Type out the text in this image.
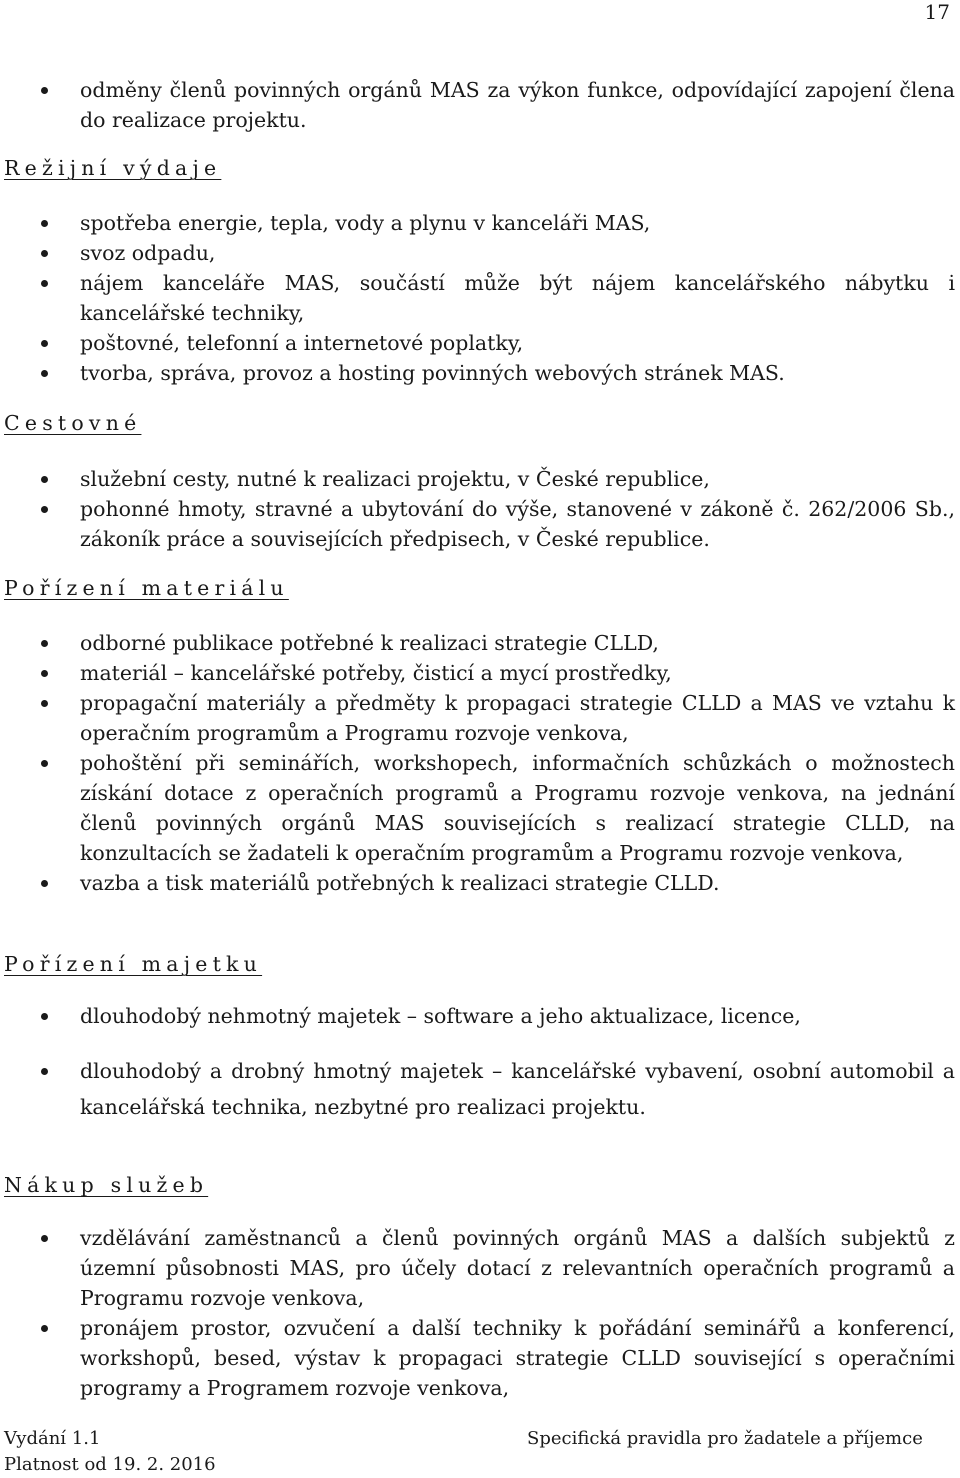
17
odměny členů povinných orgánů MAS za výkon funkce, odpovídající zapojení člena do realizace projektu.
Režijní výdaje
spotřeba energie, tepla, vody a plynu v kanceláři MAS,
svoz odpadu,
nájem kanceláře MAS, součástí může být nájem kancelářského nábytku i kancelářské techniky,
poštovné, telefonní a internetové poplatky,
tvorba, správa, provoz a hosting povinných webových stránek MAS.
Cestovné
služební cesty, nutné k realizaci projektu, v České republice,
pohonné hmoty, stravné a ubytování do výše, stanovené v zákoně č. 262/2006 Sb., zákoník práce a souvisejících předpisech, v České republice.
Pořízení materiálu
odborné publikace potřebné k realizaci strategie CLLD,
materiál – kancelářské potřeby, čisticí a mycí prostředky,
propagační materiály a předměty k propagaci strategie CLLD a MAS ve vztahu k operačním programům a Programu rozvoje venkova,
pohoštění při seminářích, workshopech, informačních schůzkách o možnostech získání dotace z operačních programů a Programu rozvoje venkova, na jednání členů povinných orgánů MAS souvisejících s realizací strategie CLLD, na konzultacích se žadateli k operačním programům a Programu rozvoje venkova,
vazba a tisk materiálů potřebných k realizaci strategie CLLD.
Pořízení majetku
dlouhodobý nehmotný majetek – software a jeho aktualizace, licence,
dlouhodobý a drobný hmotný majetek – kancelářské vybavení, osobní automobil a kancelářská technika, nezbytné pro realizaci projektu.
Nákup služeb
vzdělávání zaměstnanců a členů povinných orgánů MAS a dalších subjektů z územní působnosti MAS, pro účely dotací z relevantních operačních programů a Programu rozvoje venkova,
pronájem prostor, ozvučení a další techniky k pořádání seminářů a konferencí, workshopů, besed, výstav k propagaci strategie CLLD související s operačními programy a Programem rozvoje venkova,
Vydání 1.1
Platnost od 19. 2. 2016
Specifická pravidla pro žadatele a příjemce
